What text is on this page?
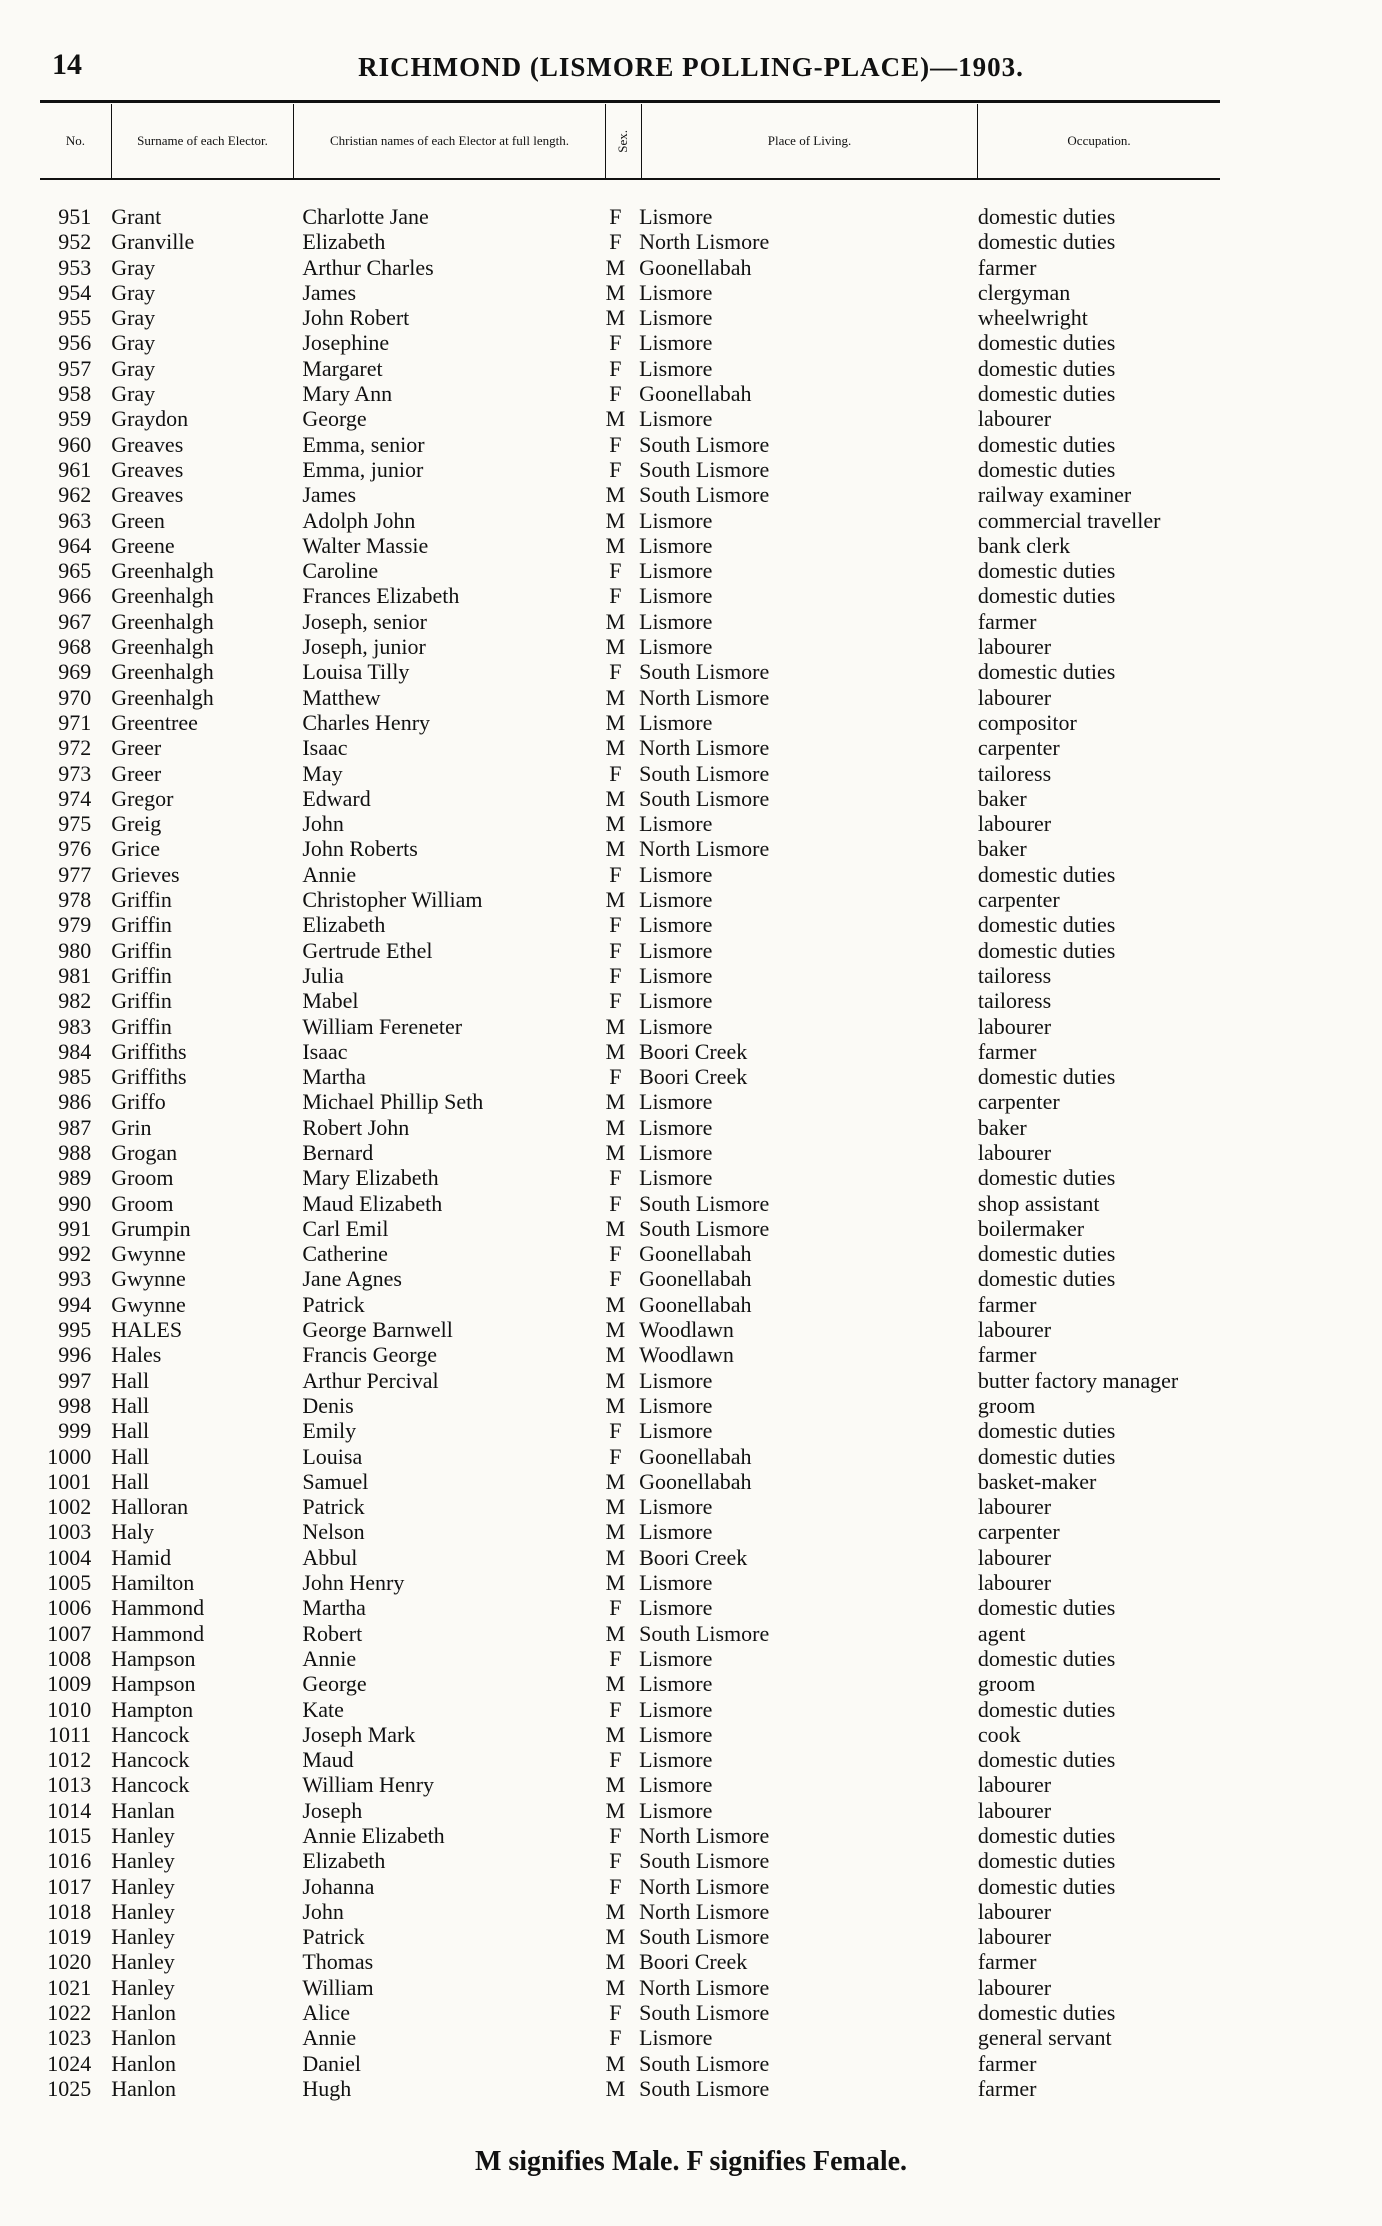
14	RICHMOND (LISMORE POLLING-PLACE)—1903.
No.	Surname of each Elector.	Christian names of each Elector at full length.	Sex.	Place of Living.	Occupation.
951 Grant	Charlotte Jane	F Lismore	domestic duties
952 Granville	Elizabeth	F North Lismore	domestic duties
953 Gray	Arthur Charles	M Goonellabah	farmer
954 Gray	James	M Lismore	clergyman
955 Gray	John Robert	M Lismore	wheelwright
956 Gray	Josephine	F Lismore	domestic duties
957 Gray	Margaret	F Lismore	domestic duties
958 Gray	Mary Ann	F Goonellabah	domestic duties
959 Graydon	George	M Lismore	labourer
960 Greaves	Emma, senior	F South Lismore	domestic duties
961 Greaves	Emma, junior	F South Lismore	domestic duties
962 Greaves	James	M South Lismore	railway examiner
963 Green	Adolph John	M Lismore	commercial traveller
964 Greene	Walter Massie	M Lismore	bank clerk
965 Greenhalgh	Caroline	F Lismore	domestic duties
966 Greenhalgh	Frances Elizabeth	F Lismore	domestic duties
967 Greenhalgh	Joseph, senior	M Lismore	farmer
968 Greenhalgh	Joseph, junior	M Lismore	labourer
969 Greenhalgh	Louisa Tilly	F South Lismore	domestic duties
970 Greenhalgh	Matthew	M North Lismore	labourer
971 Greentree	Charles Henry	M Lismore	compositor
972 Greer	Isaac	M North Lismore	carpenter
973 Greer	May	F South Lismore	tailoress
974 Gregor	Edward	M South Lismore	baker
975 Greig	John	M Lismore	labourer
976 Grice	John Roberts	M North Lismore	baker
977 Grieves	Annie	F Lismore	domestic duties
978 Griffin	Christopher William	M Lismore	carpenter
979 Griffin	Elizabeth	F Lismore	domestic duties
980 Griffin	Gertrude Ethel	F Lismore	domestic duties
981 Griffin	Julia	F Lismore	tailoress
982 Griffin	Mabel	F Lismore	tailoress
983 Griffin	William Fereneter	M Lismore	labourer
984 Griffiths	Isaac	M Boori Creek	farmer
985 Griffiths	Martha	F Boori Creek	domestic duties
986 Griffo	Michael Phillip Seth	M Lismore	carpenter
987 Grin	Robert John	M Lismore	baker
988 Grogan	Bernard	M Lismore	labourer
989 Groom	Mary Elizabeth	F Lismore	domestic duties
990 Groom	Maud Elizabeth	F South Lismore	shop assistant
991 Grumpin	Carl Emil	M South Lismore	boilermaker
992 Gwynne	Catherine	F Goonellabah	domestic duties
993 Gwynne	Jane Agnes	F Goonellabah	domestic duties
994 Gwynne	Patrick	M Goonellabah	farmer
995 HALES	George Barnwell	M Woodlawn	labourer
996 Hales	Francis George	M Woodlawn	farmer
997 Hall	Arthur Percival	M Lismore	butter factory manager
998 Hall	Denis	M Lismore	groom
999 Hall	Emily	F Lismore	domestic duties
1000 Hall	Louisa	F Goonellabah	domestic duties
1001 Hall	Samuel	M Goonellabah	basket-maker
1002 Halloran	Patrick	M Lismore	labourer
1003 Haly	Nelson	M Lismore	carpenter
1004 Hamid	Abbul	M Boori Creek	labourer
1005 Hamilton	John Henry	M Lismore	labourer
1006 Hammond	Martha	F Lismore	domestic duties
1007 Hammond	Robert	M South Lismore	agent
1008 Hampson	Annie	F Lismore	domestic duties
1009 Hampson	George	M Lismore	groom
1010 Hampton	Kate	F Lismore	domestic duties
1011 Hancock	Joseph Mark	M Lismore	cook
1012 Hancock	Maud	F Lismore	domestic duties
1013 Hancock	William Henry	M Lismore	labourer
1014 Hanlan	Joseph	M Lismore	labourer
1015 Hanley	Annie Elizabeth	F North Lismore	domestic duties
1016 Hanley	Elizabeth	F South Lismore	domestic duties
1017 Hanley	Johanna	F North Lismore	domestic duties
1018 Hanley	John	M North Lismore	labourer
1019 Hanley	Patrick	M South Lismore	labourer
1020 Hanley	Thomas	M Boori Creek	farmer
1021 Hanley	William	M North Lismore	labourer
1022 Hanlon	Alice	F South Lismore	domestic duties
1023 Hanlon	Annie	F Lismore	general servant
1024 Hanlon	Daniel	M South Lismore	farmer
1025 Hanlon	Hugh	M South Lismore	farmer
M signifies Male. F signifies Female.
